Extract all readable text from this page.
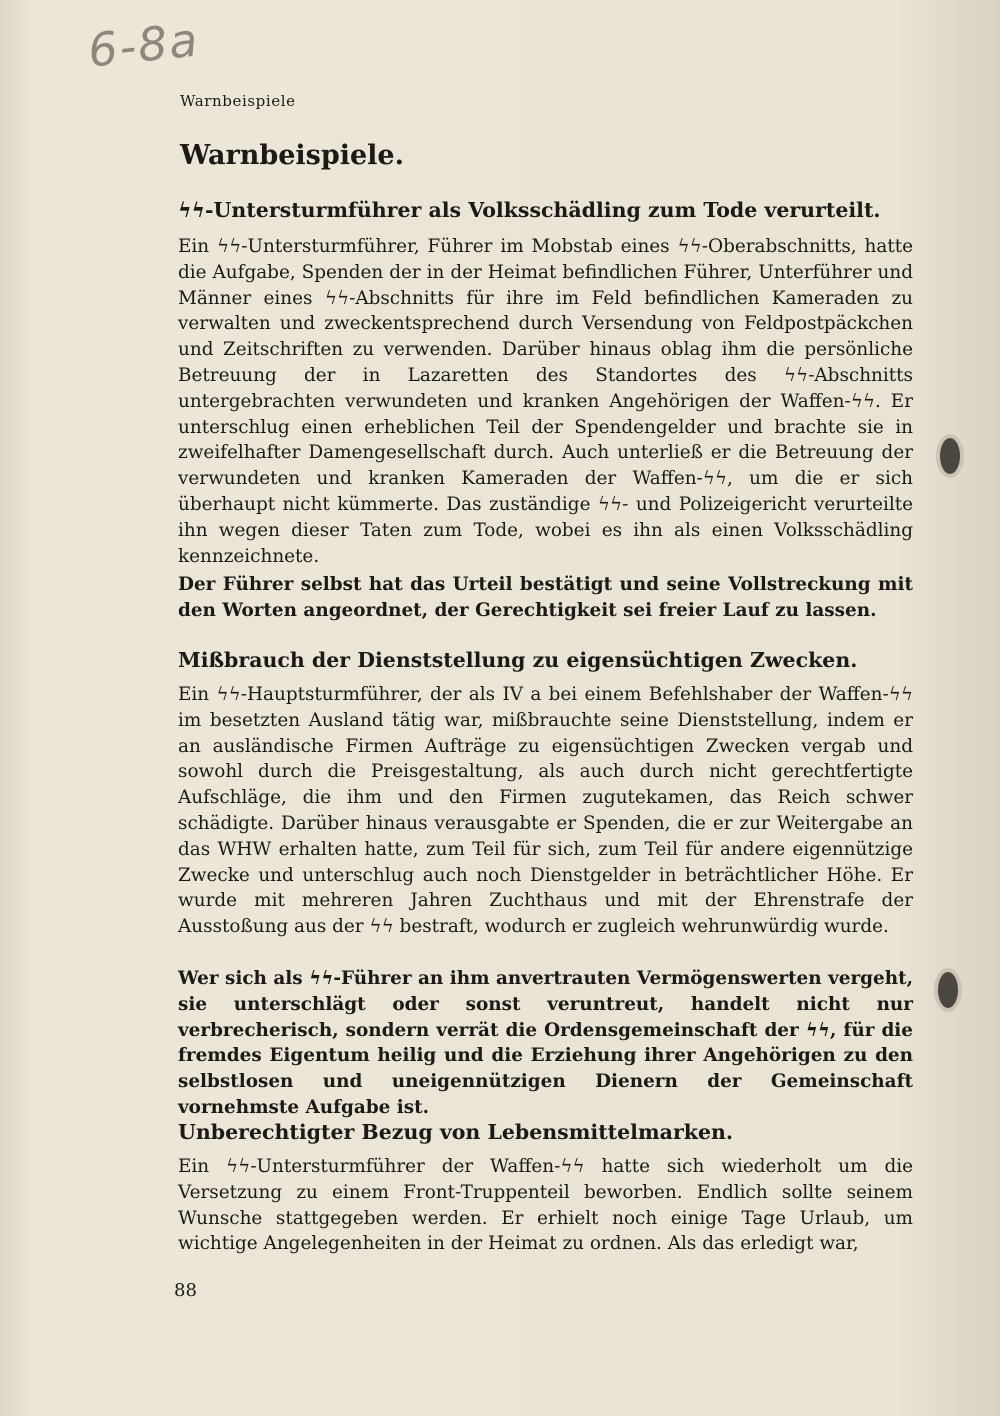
6-8a
Warnbeispiele
Warnbeispiele.
ϟϟ-Untersturmführer als Volksschädling zum Tode verurteilt.

Ein ϟϟ-Untersturmführer, Führer im Mobstab eines ϟϟ-Oberabschnitts, hatte die Aufgabe, Spenden der in der Heimat befindlichen Führer, Unterführer und Männer eines ϟϟ-Abschnitts für ihre im Feld befindlichen Kameraden zu verwalten und zweckentsprechend durch Versendung von Feldpostpäckchen und Zeitschriften zu verwenden. Darüber hinaus oblag ihm die persönliche Betreuung der in Lazaretten des Standortes des ϟϟ-Abschnitts untergebrachten verwundeten und kranken Angehörigen der Waffen-ϟϟ. Er unterschlug einen erheblichen Teil der Spendengelder und brachte sie in zweifelhafter Damengesellschaft durch. Auch unterließ er die Betreuung der verwundeten und kranken Kameraden der Waffen-ϟϟ, um die er sich überhaupt nicht kümmerte. Das zuständige ϟϟ- und Polizeigericht verurteilte ihn wegen dieser Taten zum Tode, wobei es ihn als einen Volksschädling kennzeichnete.

Der Führer selbst hat das Urteil bestätigt und seine Vollstreckung mit den Worten angeordnet, der Gerechtigkeit sei freier Lauf zu lassen.

Mißbrauch der Dienststellung zu eigensüchtigen Zwecken.

Ein ϟϟ-Hauptsturmführer, der als IV a bei einem Befehlshaber der Waffen-ϟϟ im besetzten Ausland tätig war, mißbrauchte seine Dienststellung, indem er an ausländische Firmen Aufträge zu eigensüchtigen Zwecken vergab und sowohl durch die Preisgestaltung, als auch durch nicht gerechtfertigte Aufschläge, die ihm und den Firmen zugutekamen, das Reich schwer schädigte. Darüber hinaus verausgabte er Spenden, die er zur Weitergabe an das WHW erhalten hatte, zum Teil für sich, zum Teil für andere eigennützige Zwecke und unterschlug auch noch Dienstgelder in beträchtlicher Höhe. Er wurde mit mehreren Jahren Zuchthaus und mit der Ehrenstrafe der Ausstoßung aus der ϟϟ bestraft, wodurch er zugleich wehrunwürdig wurde.

Wer sich als ϟϟ-Führer an ihm anvertrauten Vermögenswerten vergeht, sie unterschlägt oder sonst veruntreut, handelt nicht nur verbrecherisch, sondern verrät die Ordensgemeinschaft der ϟϟ, für die fremdes Eigentum heilig und die Erziehung ihrer Angehörigen zu den selbstlosen und uneigennützigen Dienern der Gemeinschaft vornehmste Aufgabe ist.

Unberechtigter Bezug von Lebensmittelmarken.

Ein ϟϟ-Untersturmführer der Waffen-ϟϟ hatte sich wiederholt um die Versetzung zu einem Front-Truppenteil beworben. Endlich sollte seinem Wunsche stattgegeben werden. Er erhielt noch einige Tage Urlaub, um wichtige Angelegenheiten in der Heimat zu ordnen. Als das erledigt war,

88
